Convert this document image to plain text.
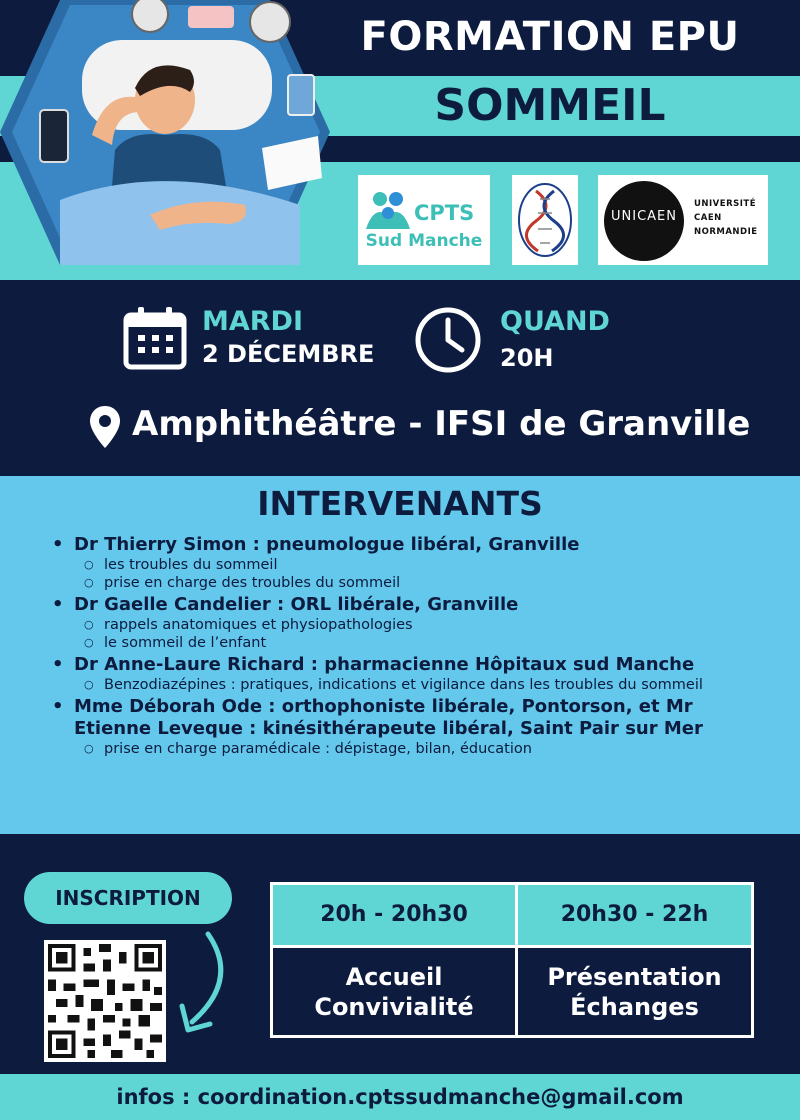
FORMATION EPU
SOMMEIL
CPTS
Sud Manche
UNICAEN
UNIVERSITÉ
CAEN
NORMANDIE
MARDI
2 DÉCEMBRE
QUAND
20H
Amphithéâtre - IFSI de Granville
INTERVENANTS
• Dr Thierry Simon : pneumologue libéral, Granville
○ les troubles du sommeil
○ prise en charge des troubles du sommeil
• Dr Gaelle Candelier : ORL libérale, Granville
○ rappels anatomiques et physiopathologies
○ le sommeil de l’enfant
• Dr Anne-Laure Richard : pharmacienne Hôpitaux sud Manche
○ Benzodiazépines : pratiques, indications et vigilance dans les troubles du sommeil
• Mme Déborah Ode : orthophoniste libérale, Pontorson, et Mr Etienne Leveque : kinésithérapeute libéral, Saint Pair sur Mer
○ prise en charge paramédicale : dépistage, bilan, éducation
INSCRIPTION
20h - 20h30	20h30 - 22h
Accueil
Convivialité
Présentation
Échanges
infos : coordination.cptssudmanche@gmail.com
